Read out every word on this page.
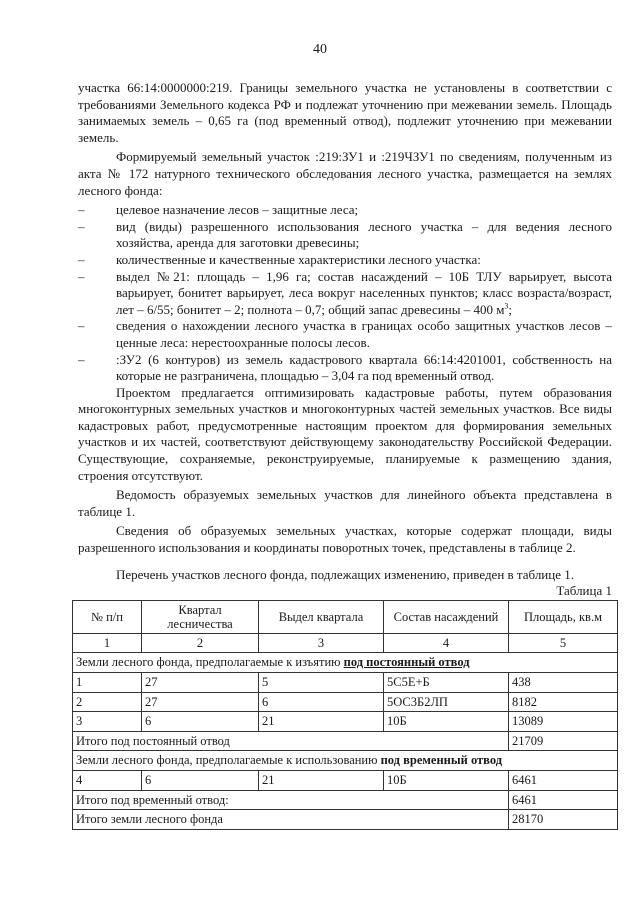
40

участка 66:14:0000000:219. Границы земельного участка не установлены в соответствии с требованиями Земельного кодекса РФ и подлежат уточнению при межевании земель. Площадь занимаемых земель – 0,65 га (под временный отвод), подлежит уточнению при межевании земель.

Формируемый земельный участок :219:ЗУ1 и :219ЧЗУ1 по сведениям, полученным из акта № 172 натурного технического обследования лесного участка, размещается на землях лесного фонда:

–	целевое назначение лесов – защитные леса;
–	вид (виды) разрешенного использования лесного участка – для ведения лесного хозяйства, аренда для заготовки древесины;
–	количественные и качественные характеристики лесного участка:
–	выдел №21: площадь – 1,96 га; состав насаждений – 10Б ТЛУ варьирует, высота варьирует, бонитет варьирует, леса вокруг населенных пунктов; класс возраста/возраст, лет – 6/55; бонитет – 2; полнота – 0,7; общий запас древесины – 400 $м^3$;
–	сведения о нахождении лесного участка в границах особо защитных участков лесов – ценные леса: нерестоохранные полосы лесов.
–	:ЗУ2 (6 контуров) из земель кадастрового квартала 66:14:4201001, собственность на которые не разграничена, площадью – 3,04 га под временный отвод.

Проектом предлагается оптимизировать кадастровые работы, путем образования многоконтурных земельных участков и многоконтурных частей земельных участков. Все виды кадастровых работ, предусмотренные настоящим проектом для формирования земельных участков и их частей, соответствуют действующему законодательству Российской Федерации. Существующие, сохраняемые, реконструируемые, планируемые к размещению здания, строения отсутствуют.

Ведомость образуемых земельных участков для линейного объекта представлена в таблице 1.

Сведения об образуемых земельных участках, которые содержат площади, виды разрешенного использования и координаты поворотных точек, представлены в таблице 2.

Перечень участков лесного фонда, подлежащих изменению, приведен в таблице 1.
Таблица 1
№ п/п	Квартал лесничества	Выдел квартала	Состав насаждений	Площадь, кв.м
1	2	3	4	5
Земли лесного фонда, предполагаемые к изъятию под постоянный отвод				
1	27	5	5С5Е+Б	438
2	27	6	5ОС3Б2ЛП	8182
3	6	21	10Б	13089
Итого под постоянный отвод				21709
Земли лесного фонда, предполагаемые к использованию под временный отвод				
4	6	21	10Б	6461
Итого под временный отвод:				6461
Итого земли лесного фонда				28170
